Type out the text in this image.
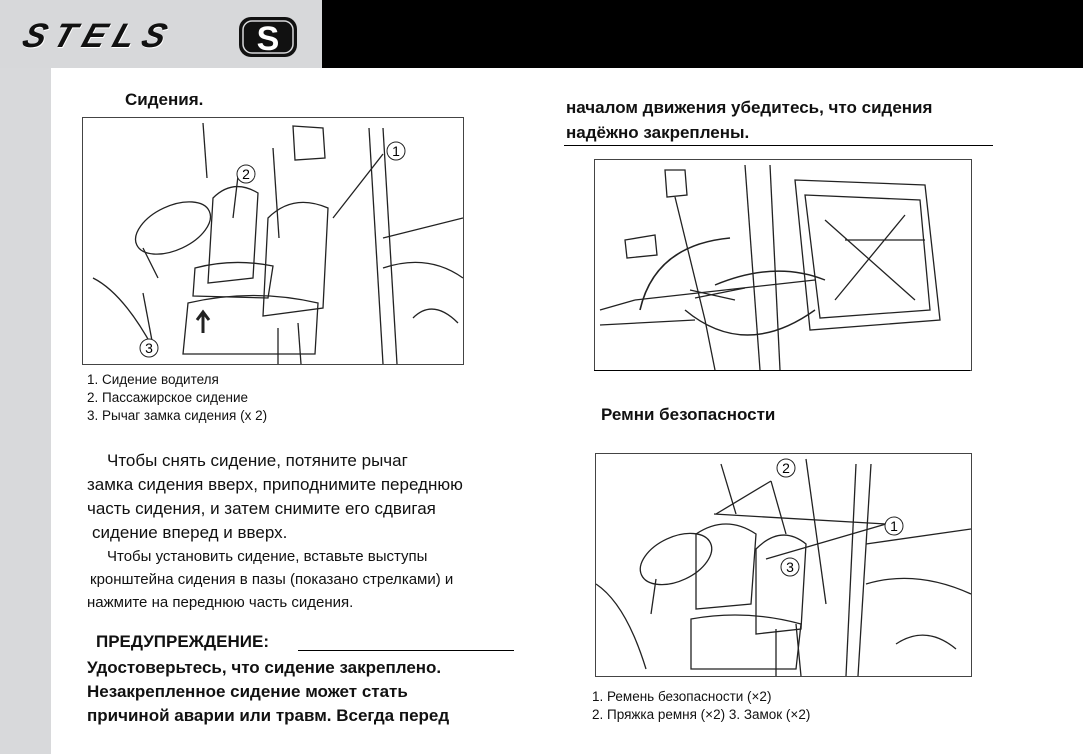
STELS	S
Сидения.
1
2
3
1. Сидение водителя
2. Пассажирское сидение
3. Рычаг замка сидения (x 2)

Чтобы снять сидение, потяните рычаг

замка сидения вверх, приподнимите переднюю

часть сидения, и затем снимите его сдвигая

сидение вперед и вверх.

Чтобы установить сидение, вставьте выступы

кронштейна сидения в пазы (показано стрелками) и

нажмите на переднюю часть сидения.

ПРЕДУПРЕЖДЕНИЕ:

Удостоверьтесь, что сидение закреплено.

Незакрепленное сидение может стать

причиной аварии или травм. Всегда перед

началом движения убедитесь, что сидения

надёжно закреплены.

Ремни безопасности
2
1
3
1. Ремень безопасности (×2)
2. Пряжка ремня (×2) 3. Замок (×2)
